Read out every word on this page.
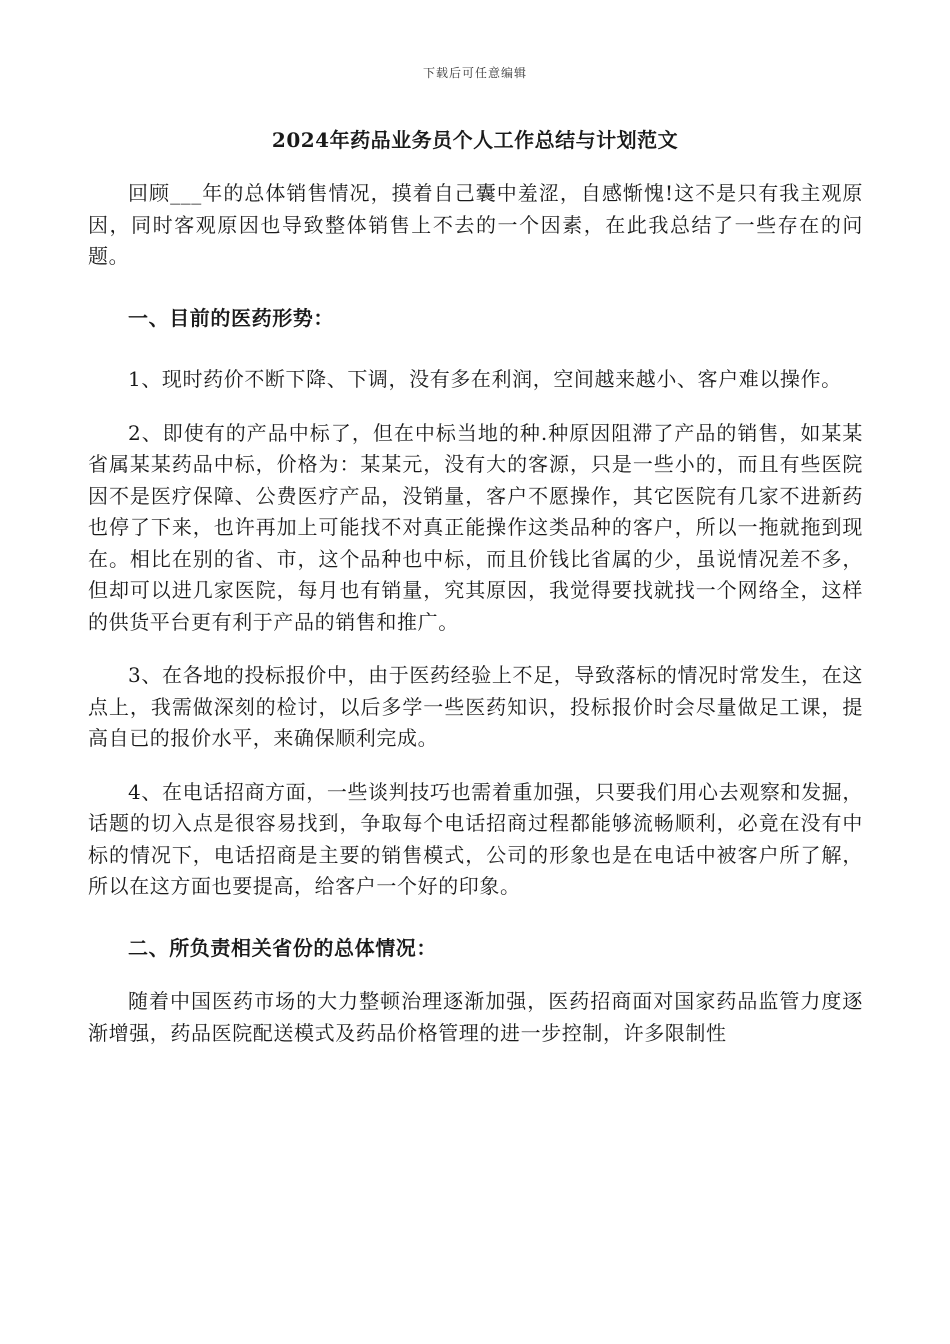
下载后可任意编辑
2024年药品业务员个人工作总结与计划范文

回顾___年的总体销售情况，摸着自己囊中羞涩，自感惭愧!这不是只有我主观原因，同时客观原因也导致整体销售上不去的一个因素，在此我总结了一些存在的问题。

一、目前的医药形势：

1、现时药价不断下降、下调，没有多在利润，空间越来越小、客户难以操作。

2、即使有的产品中标了，但在中标当地的种.种原因阻滞了产品的销售，如某某省属某某药品中标，价格为：某某元，没有大的客源，只是一些小的，而且有些医院因不是医疗保障、公费医疗产品，没销量，客户不愿操作，其它医院有几家不进新药也停了下来，也许再加上可能找不对真正能操作这类品种的客户，所以一拖就拖到现在。相比在别的省、市，这个品种也中标，而且价钱比省属的少，虽说情况差不多，但却可以进几家医院，每月也有销量，究其原因，我觉得要找就找一个网络全，这样的供货平台更有利于产品的销售和推广。

3、在各地的投标报价中，由于医药经验上不足，导致落标的情况时常发生，在这点上，我需做深刻的检讨，以后多学一些医药知识，投标报价时会尽量做足工课，提高自已的报价水平，来确保顺利完成。

4、在电话招商方面，一些谈判技巧也需着重加强，只要我们用心去观察和发掘，话题的切入点是很容易找到，争取每个电话招商过程都能够流畅顺利，必竟在没有中标的情况下，电话招商是主要的销售模式，公司的形象也是在电话中被客户所了解，所以在这方面也要提高，给客户一个好的印象。

二、所负责相关省份的总体情况：

随着中国医药市场的大力整顿治理逐渐加强，医药招商面对国家药品监管力度逐渐增强，药品医院配送模式及药品价格管理的进一步控制，许多限制性
